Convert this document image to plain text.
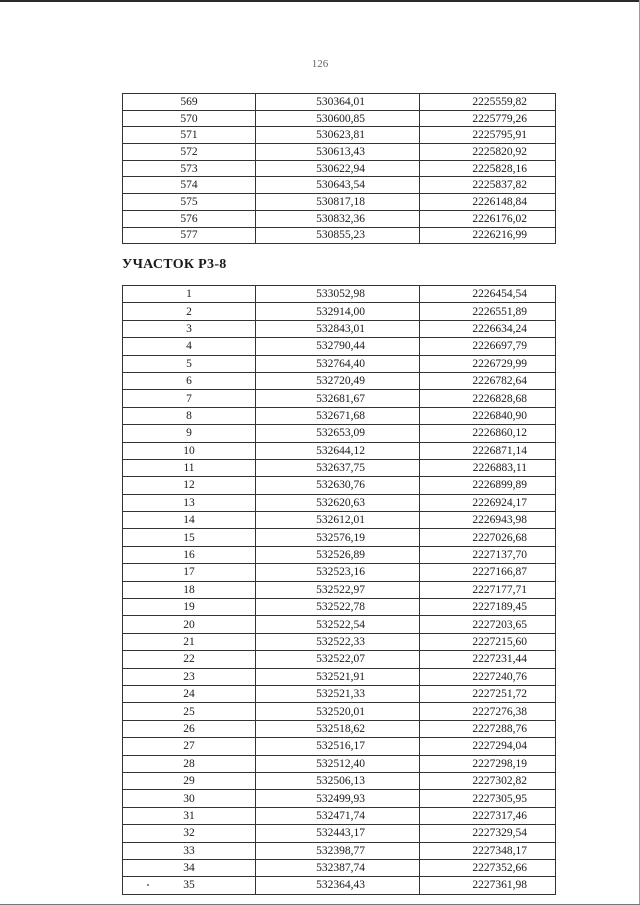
126
569	530364,01	2225559,82
570	530600,85	2225779,26
571	530623,81	2225795,91
572	530613,43	2225820,92
573	530622,94	2225828,16
574	530643,54	2225837,82
575	530817,18	2226148,84
576	530832,36	2226176,02
577	530855,23	2226216,99
УЧАСТОК Р3-8
1	533052,98	2226454,54
2	532914,00	2226551,89
3	532843,01	2226634,24
4	532790,44	2226697,79
5	532764,40	2226729,99
6	532720,49	2226782,64
7	532681,67	2226828,68
8	532671,68	2226840,90
9	532653,09	2226860,12
10	532644,12	2226871,14
11	532637,75	2226883,11
12	532630,76	2226899,89
13	532620,63	2226924,17
14	532612,01	2226943,98
15	532576,19	2227026,68
16	532526,89	2227137,70
17	532523,16	2227166,87
18	532522,97	2227177,71
19	532522,78	2227189,45
20	532522,54	2227203,65
21	532522,33	2227215,60
22	532522,07	2227231,44
23	532521,91	2227240,76
24	532521,33	2227251,72
25	532520,01	2227276,38
26	532518,62	2227288,76
27	532516,17	2227294,04
28	532512,40	2227298,19
29	532506,13	2227302,82
30	532499,93	2227305,95
31	532471,74	2227317,46
32	532443,17	2227329,54
33	532398,77	2227348,17
34	532387,74	2227352,66
35	532364,43	2227361,98
